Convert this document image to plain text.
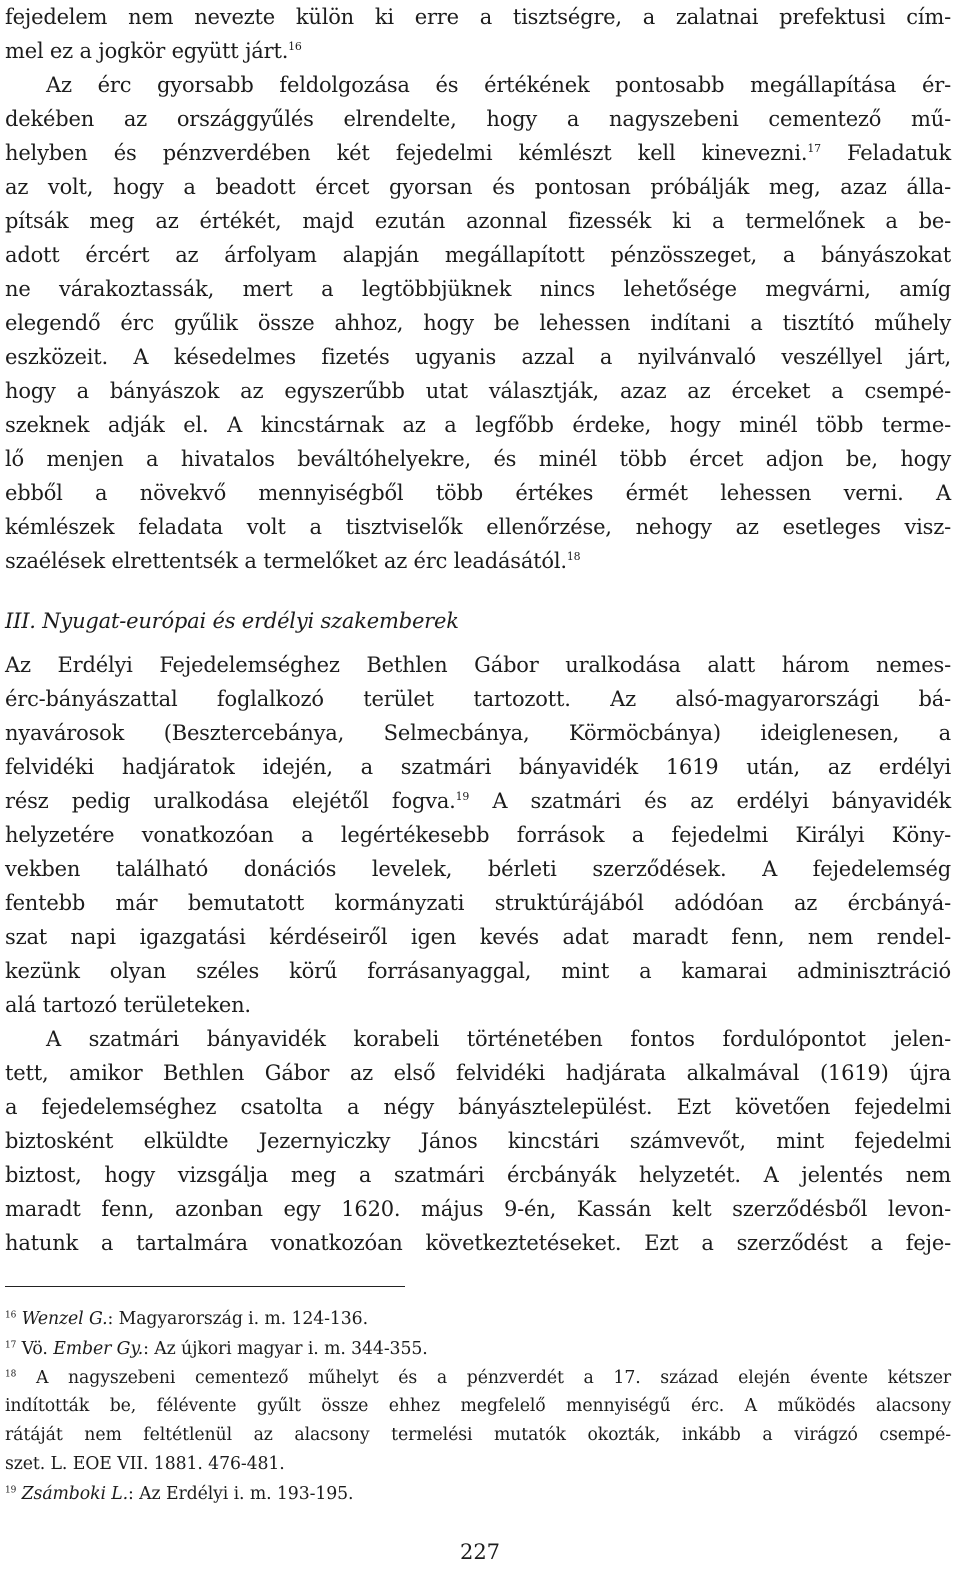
fejedelem nem nevezte külön ki erre a tisztségre, a zalatnai prefektusi cím-

mel ez a jogkör együtt járt.$^{16}$

Az érc gyorsabb feldolgozása és értékének pontosabb megállapítása ér-

dekében az országgyűlés elrendelte, hogy a nagyszebeni cementező mű-

helyben és pénzverdében két fejedelmi kémlészt kell kinevezni.$^{17}$ Feladatuk

az volt, hogy a beadott ércet gyorsan és pontosan próbálják meg, azaz álla-

pítsák meg az értékét, majd ezután azonnal fizessék ki a termelőnek a be-

adott ércért az árfolyam alapján megállapított pénzösszeget, a bányászokat

ne várakoztassák, mert a legtöbbjüknek nincs lehetősége megvárni, amíg

elegendő érc gyűlik össze ahhoz, hogy be lehessen indítani a tisztító műhely

eszközeit. A késedelmes fizetés ugyanis azzal a nyilvánvaló veszéllyel járt,

hogy a bányászok az egyszerűbb utat választják, azaz az érceket a csempé-

szeknek adják el. A kincstárnak az a legfőbb érdeke, hogy minél több terme-

lő menjen a hivatalos beváltóhelyekre, és minél több ércet adjon be, hogy

ebből a növekvő mennyiségből több értékes érmét lehessen verni. A

kémlészek feladata volt a tisztviselők ellenőrzése, nehogy az esetleges visz-

szaélések elrettentsék a termelőket az érc leadásától.$^{18}$

III. Nyugat-európai és erdélyi szakemberek

Az Erdélyi Fejedelemséghez Bethlen Gábor uralkodása alatt három nemes-

érc-bányászattal foglalkozó terület tartozott. Az alsó-magyarországi bá-

nyavárosok (Besztercebánya, Selmecbánya, Körmöcbánya) ideiglenesen, a

felvidéki hadjáratok idején, a szatmári bányavidék 1619 után, az erdélyi

rész pedig uralkodása elejétől fogva.$^{19}$ A szatmári és az erdélyi bányavidék

helyzetére vonatkozóan a legértékesebb források a fejedelmi Királyi Köny-

vekben található donációs levelek, bérleti szerződések. A fejedelemség

fentebb már bemutatott kormányzati struktúrájából adódóan az ércbányá-

szat napi igazgatási kérdéseiről igen kevés adat maradt fenn, nem rendel-

kezünk olyan széles körű forrásanyaggal, mint a kamarai adminisztráció

alá tartozó területeken.

A szatmári bányavidék korabeli történetében fontos fordulópontot jelen-

tett, amikor Bethlen Gábor az első felvidéki hadjárata alkalmával (1619) újra

a fejedelemséghez csatolta a négy bányásztelepülést. Ezt követően fejedelmi

biztosként elküldte Jezernyiczky János kincstári számvevőt, mint fejedelmi

biztost, hogy vizsgálja meg a szatmári ércbányák helyzetét. A jelentés nem

maradt fenn, azonban egy 1620. május 9-én, Kassán kelt szerződésből levon-

hatunk a tartalmára vonatkozóan következtetéseket. Ezt a szerződést a feje-

$^{16}$ Wenzel G.: Magyarország i. m. 124-136.

$^{17}$ Vö. Ember Gy.: Az újkori magyar i. m. 344-355.

$^{18}$ A nagyszebeni cementező műhelyt és a pénzverdét a 17. század elején évente kétszer

indították be, félévente gyűlt össze ehhez megfelelő mennyiségű érc. A működés alacsony

rátáját nem feltétlenül az alacsony termelési mutatók okozták, inkább a virágzó csempé-

szet. L. EOE VII. 1881. 476-481.

$^{19}$ Zsámboki L.: Az Erdélyi i. m. 193-195.

227
